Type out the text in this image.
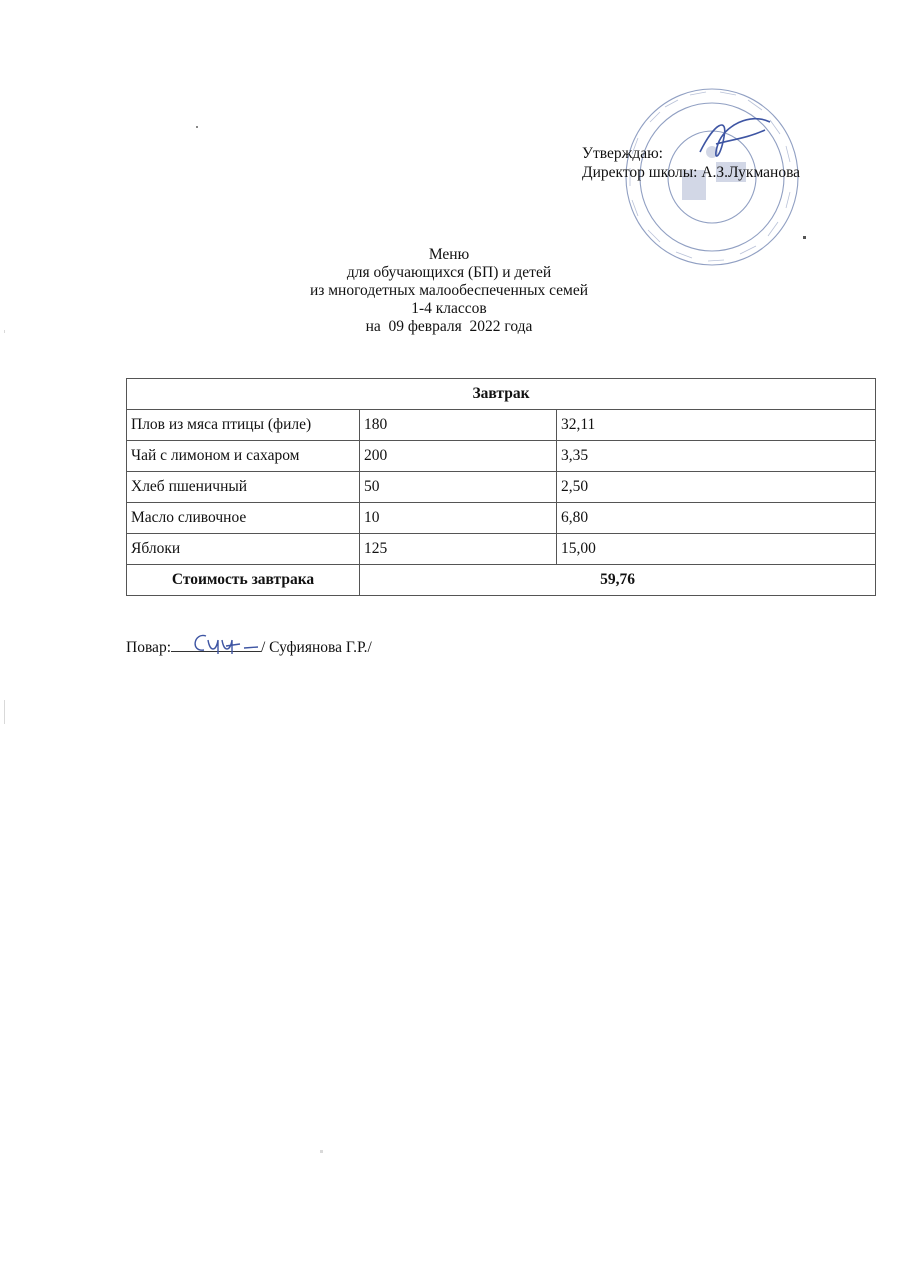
Утверждаю:
Директор школы: А.З.Лукманова
Меню
для обучающихся (БП) и детей
из многодетных малообеспеченных семей
1-4 классов
на  09 февраля  2022 года
Завтрак		
Плов из мяса птицы (филе)	180	32,11
Чай с лимоном и сахаром	200	3,35
Хлеб пшеничный	50	2,50
Масло сливочное	10	6,80
Яблоки	125	15,00
Стоимость завтрака	59,76	
Повар:	/ Суфиянова Г.Р./
